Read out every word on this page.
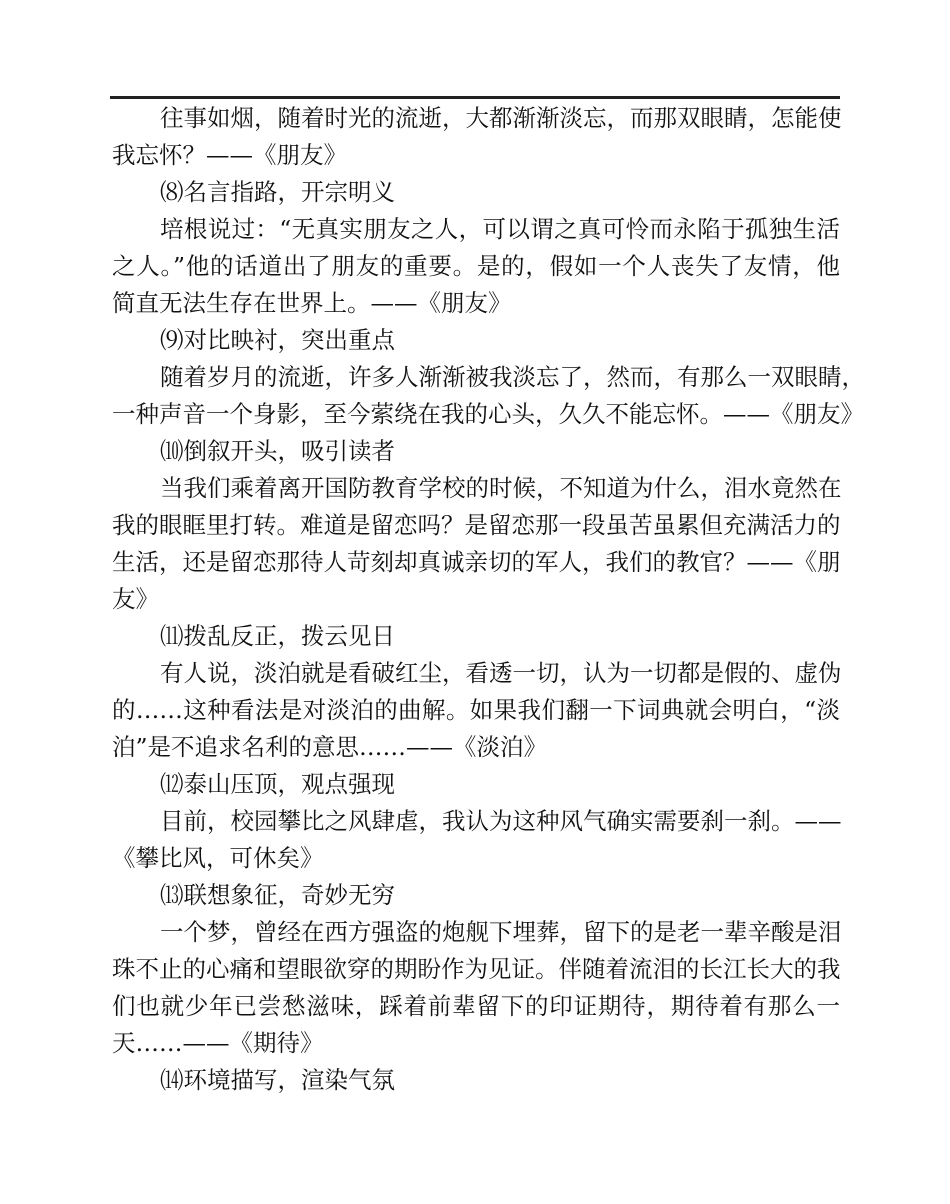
往事如烟，随着时光的流逝，大都渐渐淡忘，而那双眼睛，怎能使
我忘怀？——《朋友》
⑻名言指路，开宗明义
培根说过：“无真实朋友之人，可以谓之真可怜而永陷于孤独生活
之人。”他的话道出了朋友的重要。是的，假如一个人丧失了友情，他
简直无法生存在世界上。——《朋友》
⑼对比映衬，突出重点
随着岁月的流逝，许多人渐渐被我淡忘了，然而，有那么一双眼睛，
一种声音一个身影，至今萦绕在我的心头，久久不能忘怀。——《朋友》
⑽倒叙开头，吸引读者
当我们乘着离开国防教育学校的时候，不知道为什么，泪水竟然在
我的眼眶里打转。难道是留恋吗？是留恋那一段虽苦虽累但充满活力的
生活，还是留恋那待人苛刻却真诚亲切的军人，我们的教官？——《朋
友》
⑾拨乱反正，拨云见日
有人说，淡泊就是看破红尘，看透一切，认为一切都是假的、虚伪
的……这种看法是对淡泊的曲解。如果我们翻一下词典就会明白，“淡
泊”是不追求名利的意思……——《淡泊》
⑿泰山压顶，观点强现
目前，校园攀比之风肆虐，我认为这种风气确实需要刹一刹。——
《攀比风，可休矣》
⒀联想象征，奇妙无穷
一个梦，曾经在西方强盗的炮舰下埋葬，留下的是老一辈辛酸是泪
珠不止的心痛和望眼欲穿的期盼作为见证。伴随着流泪的长江长大的我
们也就少年已尝愁滋味，踩着前辈留下的印证期待，期待着有那么一
天……——《期待》
⒁环境描写，渲染气氛
